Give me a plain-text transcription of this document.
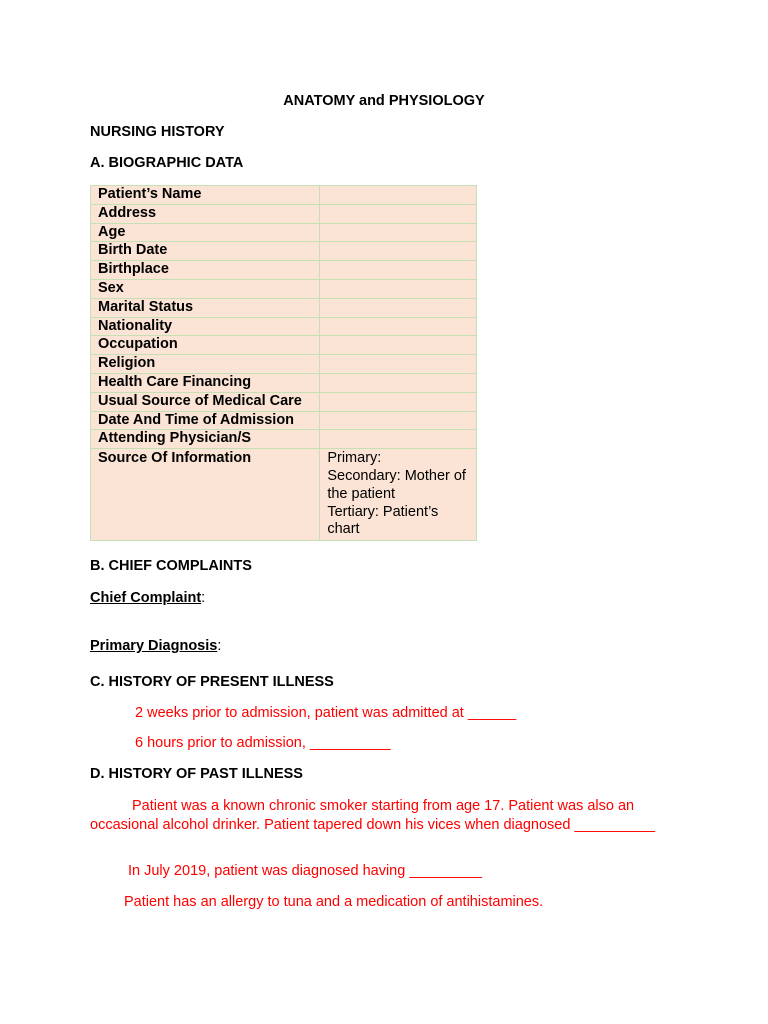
ANATOMY and PHYSIOLOGY
NURSING HISTORY
A. BIOGRAPHIC DATA
Patient’s Name	
Address	
Age	
Birth Date	
Birthplace	
Sex	
Marital Status	
Nationality	
Occupation	
Religion	
Health Care Financing	
Usual Source of Medical Care	
Date And Time of Admission	
Attending Physician/S	
Source Of Information	Primary:
Secondary: Mother of the patient
Tertiary: Patient’s chart
B. CHIEF COMPLAINTS
Chief Complaint:
Primary Diagnosis:
C. HISTORY OF PRESENT ILLNESS
2 weeks prior to admission, patient was admitted at ______
6 hours prior to admission, __________
D. HISTORY OF PAST ILLNESS
Patient was a known chronic smoker starting from age 17. Patient was also an occasional alcohol drinker. Patient tapered down his vices when diagnosed __________
In July 2019, patient was diagnosed having _________
Patient has an allergy to tuna and a medication of antihistamines.
